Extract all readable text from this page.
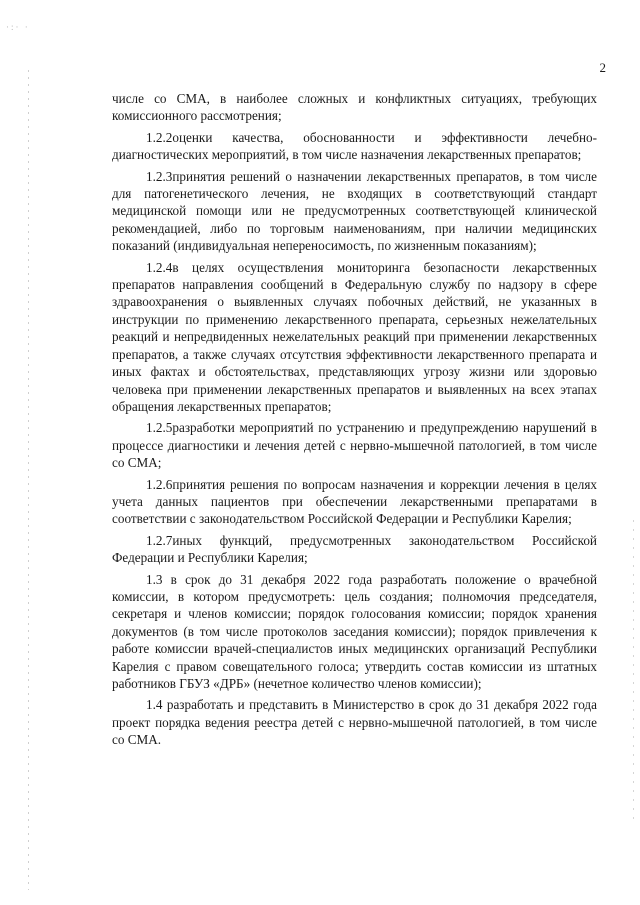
·:· ·
2

числе со СМА, в наиболее сложных и конфликтных ситуациях, требующих комиссионного рассмотрения;

1.2.2оценки качества, обоснованности и эффективности лечебно-диагностических мероприятий, в том числе назначения лекарственных препаратов;

1.2.3принятия решений о назначении лекарственных препаратов, в том числе для патогенетического лечения, не входящих в соответствующий стандарт медицинской помощи или не предусмотренных соответствующей клинической рекомендацией, либо по торговым наименованиям, при наличии медицинских показаний (индивидуальная непереносимость, по жизненным показаниям);

1.2.4в целях осуществления мониторинга безопасности лекарственных препаратов направления сообщений в Федеральную службу по надзору в сфере здравоохранения о выявленных случаях побочных действий, не указанных в инструкции по применению лекарственного препарата, серьезных нежелательных реакций и непредвиденных нежелательных реакций при применении лекарственных препаратов, а также случаях отсутствия эффективности лекарственного препарата и иных фактах и обстоятельствах, представляющих угрозу жизни или здоровью человека при применении лекарственных препаратов и выявленных на всех этапах обращения лекарственных препаратов;

1.2.5разработки мероприятий по устранению и предупреждению нарушений в процессе диагностики и лечения детей с нервно-мышечной патологией, в том числе со СМА;

1.2.6принятия решения по вопросам назначения и коррекции лечения в целях учета данных пациентов при обеспечении лекарственными препаратами в соответствии с законодательством Российской Федерации и Республики Карелия;

1.2.7иных функций, предусмотренных законодательством Российской Федерации и Республики Карелия;

1.3 в срок до 31 декабря 2022 года разработать положение о врачебной комиссии, в котором предусмотреть: цель создания; полномочия председателя, секретаря и членов комиссии; порядок голосования комиссии; порядок хранения документов (в том числе протоколов заседания комиссии); порядок привлечения к работе комиссии врачей-специалистов иных медицинских организаций Республики Карелия с правом совещательного голоса; утвердить состав комиссии из штатных работников ГБУЗ «ДРБ» (нечетное количество членов комиссии);

1.4 разработать и представить в Министерство в срок до 31 декабря 2022 года проект порядка ведения реестра детей с нервно-мышечной патологией, в том числе со СМА.
